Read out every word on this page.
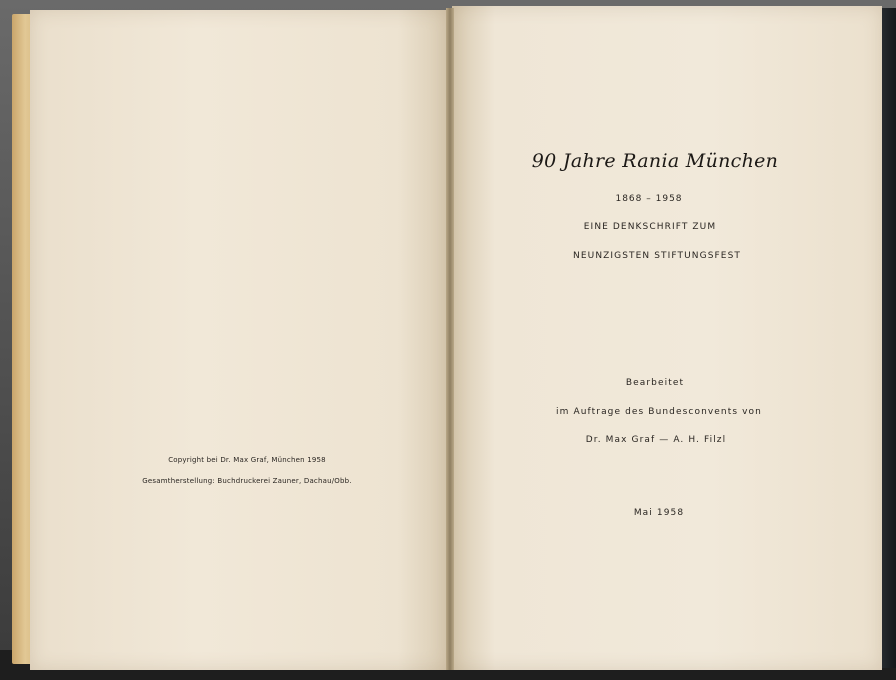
Copyright bei Dr. Max Graf, München 1958
Gesamtherstellung: Buchdruckerei Zauner, Dachau/Obb.
90 Jahre Rania München
1868 – 1958
EINE DENKSCHRIFT ZUM
NEUNZIGSTEN STIFTUNGSFEST
Bearbeitet
im Auftrage des Bundesconvents von
Dr. Max Graf — A. H. Filzl
Mai 1958
